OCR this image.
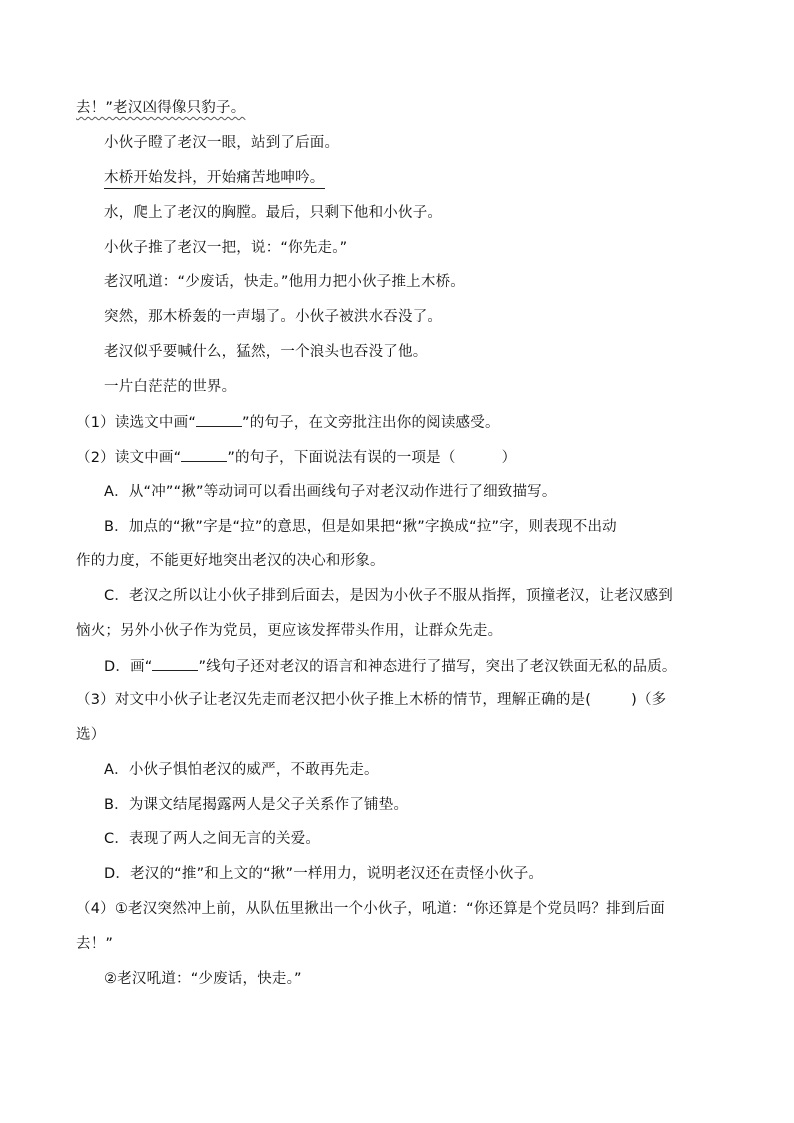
去！”老汉凶得像只豹子。
小伙子瞪了老汉一眼，站到了后面。
木桥开始发抖，开始痛苦地呻吟。
水，爬上了老汉的胸膛。最后，只剩下他和小伙子。
小伙子推了老汉一把，说：“你先走。”
老汉吼道：“少废话，快走。”他用力把小伙子推上木桥。
突然，那木桥轰的一声塌了。小伙子被洪水吞没了。
老汉似乎要喊什么，猛然，一个浪头也吞没了他。
一片白茫茫的世界。
（1）读选文中画“	”的句子，在文旁批注出你的阅读感受。
（2）读文中画“	”的句子，下面说法有误的一项是（	）
A．从“冲”“揪”等动词可以看出画线句子对老汉动作进行了细致描写。
B．加点的“揪”字是“拉”的意思，但是如果把“揪”字换成“拉”字，则表现不出动
作的力度，不能更好地突出老汉的决心和形象。
C．老汉之所以让小伙子排到后面去，是因为小伙子不服从指挥，顶撞老汉，让老汉感到
恼火；另外小伙子作为党员，更应该发挥带头作用，让群众先走。
D．画“	”线句子还对老汉的语言和神态进行了描写，突出了老汉铁面无私的品质。
（3）对文中小伙子让老汉先走而老汉把小伙子推上木桥的情节，理解正确的是(	)（多
选）
A．小伙子惧怕老汉的威严，不敢再先走。
B．为课文结尾揭露两人是父子关系作了铺垫。
C．表现了两人之间无言的关爱。
D．老汉的“推”和上文的“揪”一样用力，说明老汉还在责怪小伙子。
（4）①老汉突然冲上前，从队伍里揪出一个小伙子，吼道：“你还算是个党员吗？排到后面
去！”
②老汉吼道：“少废话，快走。”
